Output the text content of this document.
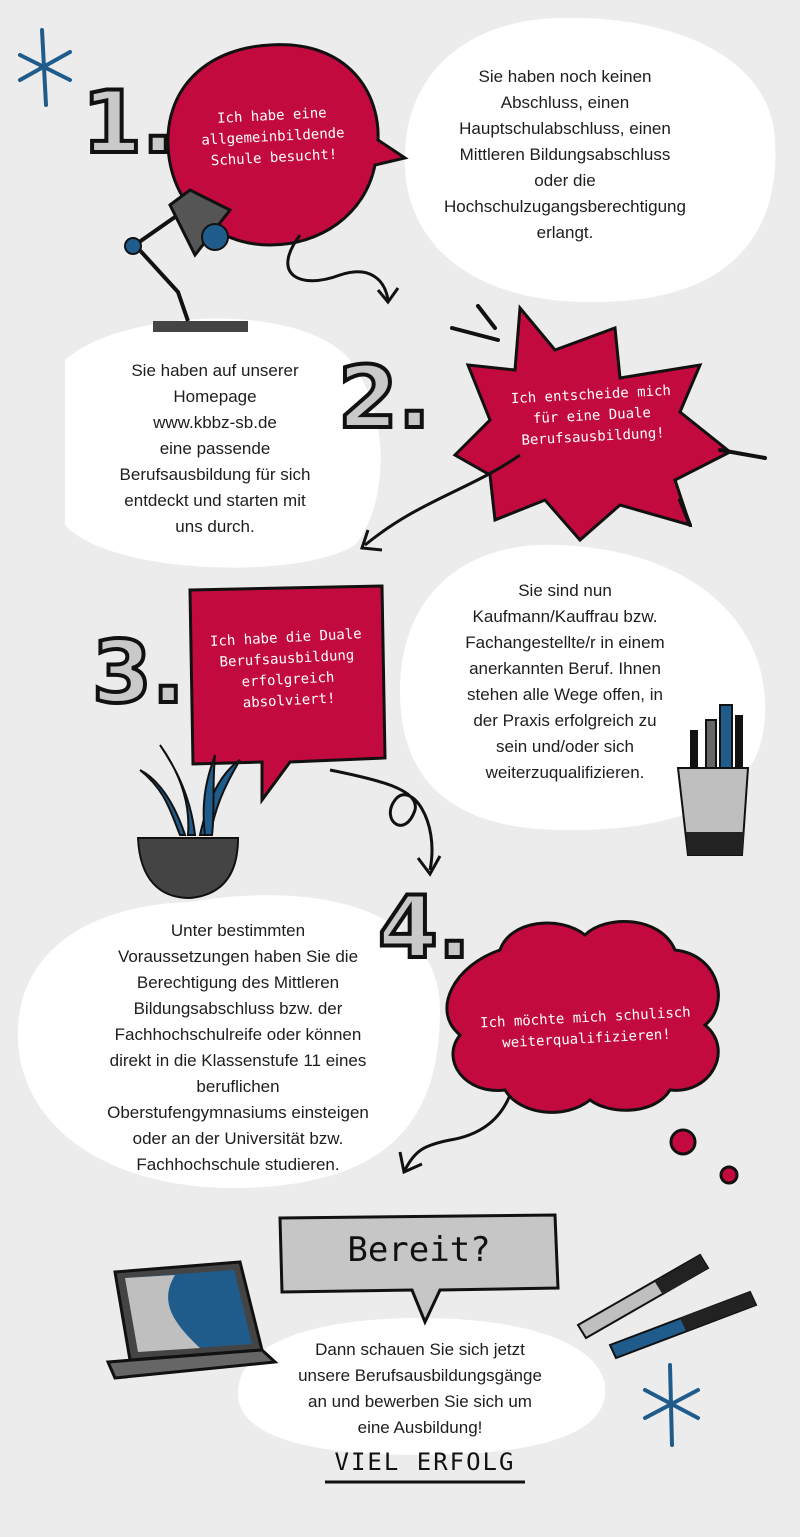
1.
2.
3.
4.
Ich habe eine
allgemeinbildende
Schule besucht!
Ich entscheide mich
für eine Duale
Berufsausbildung!
Ich habe die Duale
Berufsausbildung
erfolgreich
absolviert!
Ich möchte mich schulisch
weiterqualifizieren!

Sie haben noch keinen
Abschluss, einen
Hauptschulabschluss, einen
Mittleren Bildungsabschluss
oder die
Hochschulzugangsberechtigung
erlangt.

Sie haben auf unserer
Homepage
www.kbbz-sb.de
eine passende
Berufsausbildung für sich
entdeckt und starten mit
uns durch.

Sie sind nun
Kaufmann/Kauffrau bzw.
Fachangestellte/r in einem
anerkannten Beruf. Ihnen
stehen alle Wege offen, in
der Praxis erfolgreich zu
sein und/oder sich
weiterzuqualifizieren.

Unter bestimmten
Voraussetzungen haben Sie die
Berechtigung des Mittleren
Bildungsabschluss bzw. der
Fachhochschulreife oder können
direkt in die Klassenstufe 11 eines
beruflichen
Oberstufengymnasiums einsteigen
oder an der Universität bzw.
Fachhochschule studieren.

Bereit?

Dann schauen Sie sich jetzt
unsere Berufsausbildungsgänge
an und bewerben Sie sich um
eine Ausbildung!

VIEL ERFOLG
